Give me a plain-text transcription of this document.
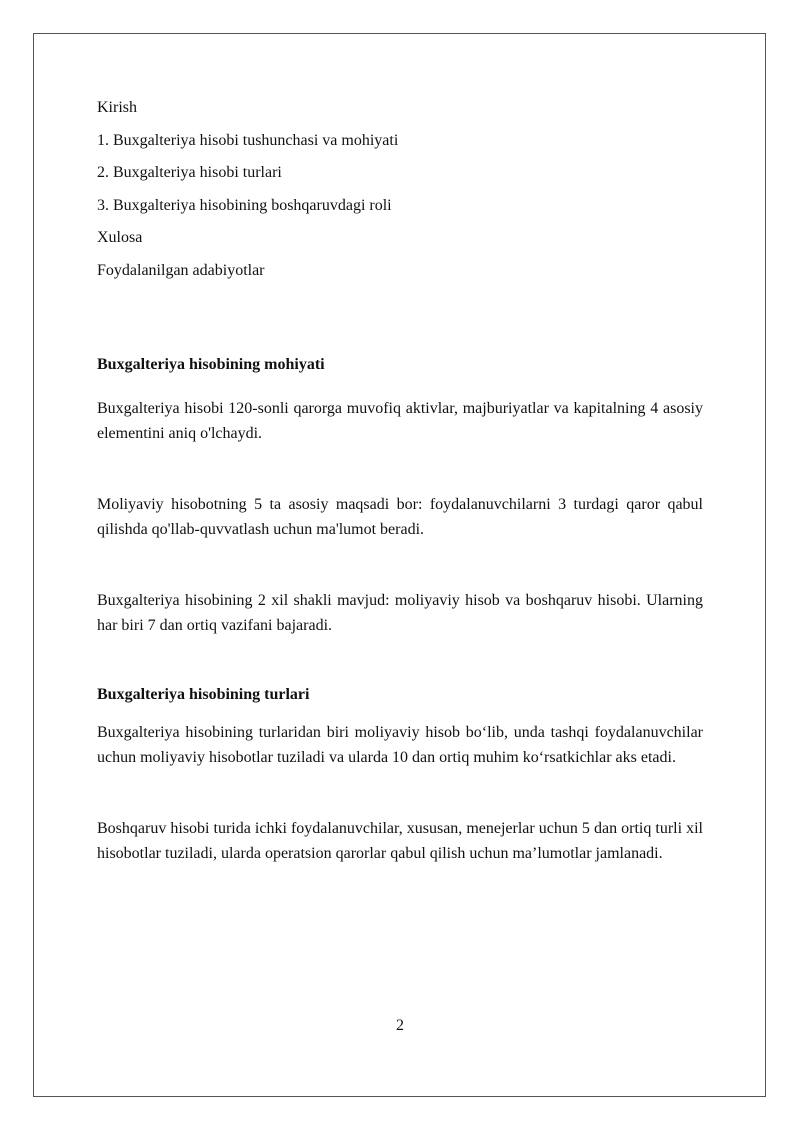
Kirish
1. Buxgalteriya hisobi tushunchasi va mohiyati
2. Buxgalteriya hisobi turlari
3. Buxgalteriya hisobining boshqaruvdagi roli
Xulosa
Foydalanilgan adabiyotlar
Buxgalteriya hisobining mohiyati
Buxgalteriya hisobi 120-sonli qarorga muvofiq aktivlar, majburiyatlar va kapitalning 4 asosiy elementini aniq o'lchaydi.
Moliyaviy hisobotning 5 ta asosiy maqsadi bor: foydalanuvchilarni 3 turdagi qaror qabul qilishda qo'llab-quvvatlash uchun ma'lumot beradi.
Buxgalteriya hisobining 2 xil shakli mavjud: moliyaviy hisob va boshqaruv hisobi. Ularning har biri 7 dan ortiq vazifani bajaradi.
Buxgalteriya hisobining turlari
Buxgalteriya hisobining turlaridan biri moliyaviy hisob bo‘lib, unda tashqi foydalanuvchilar uchun moliyaviy hisobotlar tuziladi va ularda 10 dan ortiq muhim ko‘rsatkichlar aks etadi.
Boshqaruv hisobi turida ichki foydalanuvchilar, xususan, menejerlar uchun 5 dan ortiq turli xil hisobotlar tuziladi, ularda operatsion qarorlar qabul qilish uchun ma’lumotlar jamlanadi.
2
